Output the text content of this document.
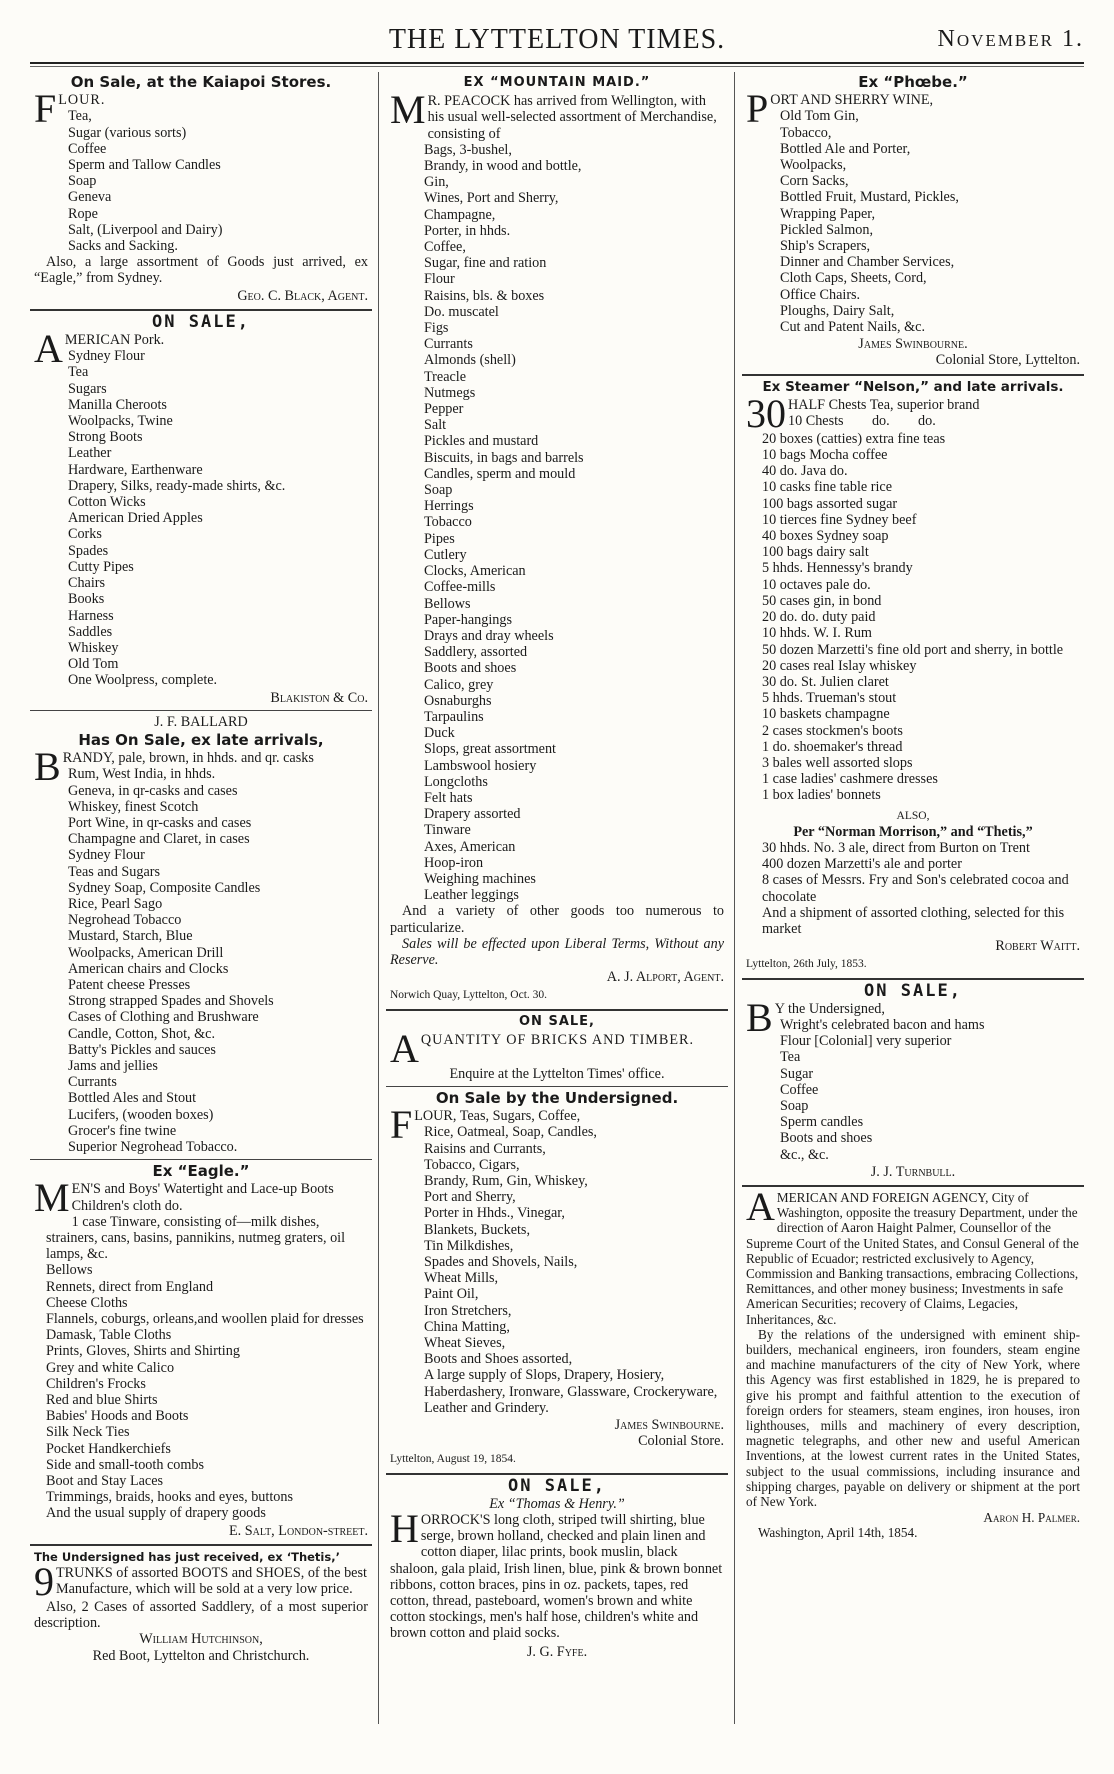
THE LYTTELTON TIMES.	November 1.
On Sale, at the Kaiapoi Stores.
F LOUR.
Tea,
Sugar (various sorts)
Coffee
Sperm and Tallow Candles
Soap
Geneva
Rope
Salt, (Liverpool and Dairy)
Sacks and Sacking.

Also, a large assortment of Goods just arrived, ex “Eagle,” from Sydney.

Geo. C. Black, Agent.

ON SALE,
A MERICAN Pork.
Sydney Flour
Tea
Sugars
Manilla Cheroots
Woolpacks, Twine
Strong Boots
Leather
Hardware, Earthenware
Drapery, Silks, ready-made shirts, &c.
Cotton Wicks
American Dried Apples
Corks
Spades
Cutty Pipes
Chairs
Books
Harness
Saddles
Whiskey
Old Tom
One Woolpress, complete.

Blakiston & Co.

J. F. BALLARD
Has On Sale, ex late arrivals,
B RANDY, pale, brown, in hhds. and qr. casks
Rum, West India, in hhds.
Geneva, in qr-casks and cases
Whiskey, finest Scotch
Port Wine, in qr-casks and cases
Champagne and Claret, in cases
Sydney Flour
Teas and Sugars
Sydney Soap, Composite Candles
Rice, Pearl Sago
Negrohead Tobacco
Mustard, Starch, Blue
Woolpacks, American Drill
American chairs and Clocks
Patent cheese Presses
Strong strapped Spades and Shovels
Cases of Clothing and Brushware
Candle, Cotton, Shot, &c.
Batty's Pickles and sauces
Jams and jellies
Currants
Bottled Ales and Stout
Lucifers, (wooden boxes)
Grocer's fine twine
Superior Negrohead Tobacco.
Ex “Eagle.”
M EN'S and Boys' Watertight and Lace-up Boots
Children's cloth do.
1 case Tinware, consisting of—milk dishes, strainers, cans, basins, pannikins, nutmeg graters, oil lamps, &c.
Bellows
Rennets, direct from England
Cheese Cloths
Flannels, coburgs, orleans,and woollen plaid for dresses
Damask, Table Cloths
Prints, Gloves, Shirts and Shirting
Grey and white Calico
Children's Frocks
Red and blue Shirts
Babies' Hoods and Boots
Silk Neck Ties
Pocket Handkerchiefs
Side and small-tooth combs
Boot and Stay Laces
Trimmings, braids, hooks and eyes, buttons
And the usual supply of drapery goods

E. Salt, London-street.

The Undersigned has just received, ex ‘Thetis,’
9 TRUNKS of assorted BOOTS and SHOES, of the best Manufacture, which will be sold at a very low price.

Also, 2 Cases of assorted Saddlery, of a most superior description.

William Hutchinson,

Red Boot, Lyttelton and Christchurch.

EX “MOUNTAIN MAID.”
M R. PEACOCK has arrived from Wellington, with his usual well-selected assortment of Merchandise, consisting of
Bags, 3-bushel,
Brandy, in wood and bottle,
Gin,
Wines, Port and Sherry,
Champagne,
Porter, in hhds.
Coffee,
Sugar, fine and ration
Flour
Raisins, bls. & boxes
Do. muscatel
Figs
Currants
Almonds (shell)
Treacle
Nutmegs
Pepper
Salt
Pickles and mustard
Biscuits, in bags and barrels
Candles, sperm and mould
Soap
Herrings
Tobacco
Pipes
Cutlery
Clocks, American
Coffee-mills
Bellows
Paper-hangings
Drays and dray wheels
Saddlery, assorted
Boots and shoes
Calico, grey
Osnaburghs
Tarpaulins
Duck
Slops, great assortment
Lambswool hosiery
Longcloths
Felt hats
Drapery assorted
Tinware
Axes, American
Hoop-iron
Weighing machines
Leather leggings

And a variety of other goods too numerous to particularize.

Sales will be effected upon Liberal Terms, Without any Reserve.

A. J. Alport, Agent.

Norwich Quay, Lyttelton, Oct. 30.

ON SALE,
A QUANTITY OF BRICKS AND TIMBER.

Enquire at the Lyttelton Times' office.

On Sale by the Undersigned.
F LOUR, Teas, Sugars, Coffee,
Rice, Oatmeal, Soap, Candles,
Raisins and Currants,
Tobacco, Cigars,
Brandy, Rum, Gin, Whiskey,
Port and Sherry,
Porter in Hhds., Vinegar,
Blankets, Buckets,
Tin Milkdishes,
Spades and Shovels, Nails,
Wheat Mills,
Paint Oil,
Iron Stretchers,
China Matting,
Wheat Sieves,
Boots and Shoes assorted,
A large supply of Slops, Drapery, Hosiery, Haberdashery, Ironware, Glassware, Crockeryware, Leather and Grindery.

James Swinbourne.

Colonial Store.

Lyttelton, August 19, 1854.

ON SALE,
Ex “Thomas & Henry.”
H ORROCK'S long cloth, striped twill shirting, blue serge, brown holland, checked and plain linen and cotton diaper, lilac prints, book muslin, black shaloon, gala plaid, Irish linen, blue, pink & brown bonnet ribbons, cotton braces, pins in oz. packets, tapes, red cotton, thread, pasteboard, women's brown and white cotton stockings, men's half hose, children's white and brown cotton and plaid socks.

J. G. Fyfe.

Ex “Phœbe.”
P ORT AND SHERRY WINE,
Old Tom Gin,
Tobacco,
Bottled Ale and Porter,
Woolpacks,
Corn Sacks,
Bottled Fruit, Mustard, Pickles,
Wrapping Paper,
Pickled Salmon,
Ship's Scrapers,
Dinner and Chamber Services,
Cloth Caps, Sheets, Cord,
Office Chairs.
Ploughs, Dairy Salt,
Cut and Patent Nails, &c.

James Swinbourne.

Colonial Store, Lyttelton.

Ex Steamer “Nelson,” and late arrivals.
30 HALF Chests Tea, superior brand
10 Chests        do.        do.
20 boxes (catties) extra fine teas
10 bags Mocha coffee
40 do. Java do.
10 casks fine table rice
100 bags assorted sugar
10 tierces fine Sydney beef
40 boxes Sydney soap
100 bags dairy salt
5 hhds. Hennessy's brandy
10 octaves pale do.
50 cases gin, in bond
20 do. do. duty paid
10 hhds. W. I. Rum
50 dozen Marzetti's fine old port and sherry, in bottle
20 cases real Islay whiskey
30 do. St. Julien claret
5 hhds. Trueman's stout
10 baskets champagne
2 cases stockmen's boots
1 do. shoemaker's thread
3 bales well assorted slops
1 case ladies' cashmere dresses
1 box ladies' bonnets
ALSO,
Per “Norman Morrison,” and “Thetis,”
30 hhds. No. 3 ale, direct from Burton on Trent
400 dozen Marzetti's ale and porter
8 cases of Messrs. Fry and Son's celebrated cocoa and chocolate
And a shipment of assorted clothing, selected for this market

Robert Waitt.

Lyttelton, 26th July, 1853.

ON SALE,
B Y the Undersigned,
Wright's celebrated bacon and hams
Flour [Colonial] very superior
Tea
Sugar
Coffee
Soap
Sperm candles
Boots and shoes
&c., &c.

J. J. Turnbull.

A MERICAN AND FOREIGN AGENCY, City of Washington, opposite the treasury Department, under the direction of Aaron Haight Palmer, Counsellor of the Supreme Court of the United States, and Consul General of the Republic of Ecuador; restricted exclusively to Agency, Commission and Banking transactions, embracing Collections, Remittances, and other money business; Investments in safe American Securities; recovery of Claims, Legacies, Inheritances, &c.

By the relations of the undersigned with eminent ship-builders, mechanical engineers, iron founders, steam engine and machine manufacturers of the city of New York, where this Agency was first established in 1829, he is prepared to give his prompt and faithful attention to the execution of foreign orders for steamers, steam engines, iron houses, iron lighthouses, mills and machinery of every description, magnetic telegraphs, and other new and useful American Inventions, at the lowest current rates in the United States, subject to the usual commissions, including insurance and shipping charges, payable on delivery or shipment at the port of New York.

Aaron H. Palmer.

Washington, April 14th, 1854.
